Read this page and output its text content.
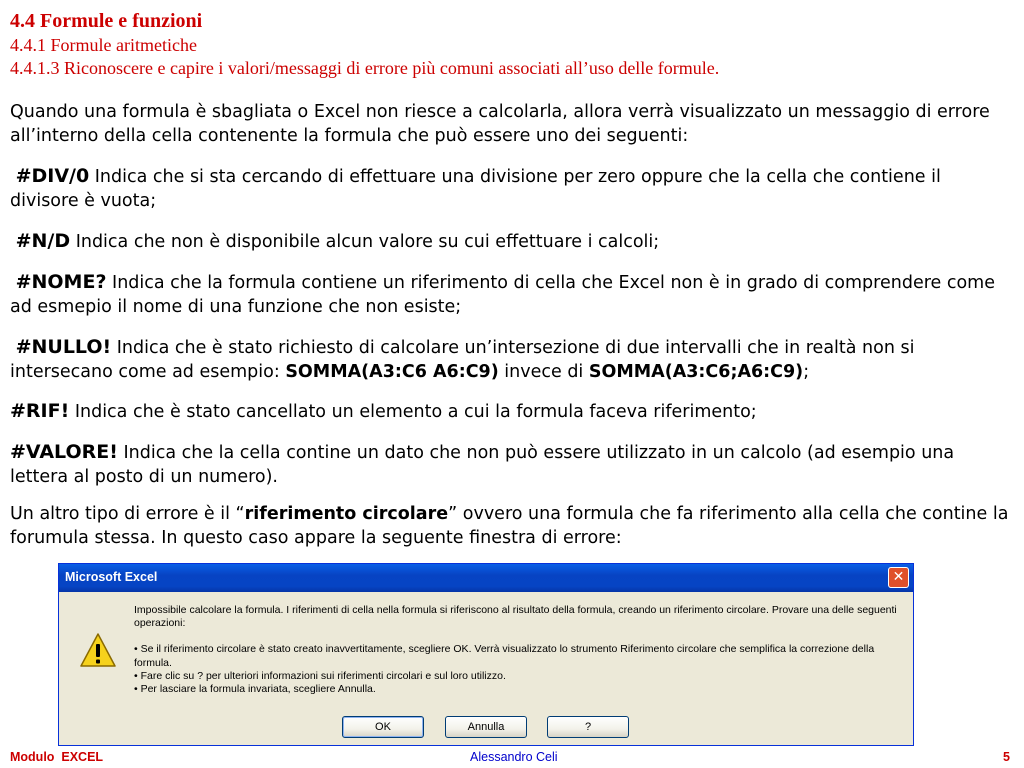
4.4 Formule e funzioni
4.4.1 Formule aritmetiche
4.4.1.3 Riconoscere e capire i valori/messaggi di errore più comuni associati all’uso delle formule.
Quando una formula è sbagliata o Excel non riesce a calcolarla, allora verrà visualizzato un messaggio di errore all’interno della cella contenente la formula che può essere uno dei seguenti:
#DIV/0 Indica che si sta cercando di effettuare una divisione per zero oppure che la cella che contiene il divisore è vuota;
#N/D Indica che non è disponibile alcun valore su cui effettuare i calcoli;
#NOME? Indica che la formula contiene un riferimento di cella che Excel non è in grado di comprendere come ad esmepio il nome di una funzione che non esiste;
#NULLO! Indica che è stato richiesto di calcolare un’intersezione di due intervalli che in realtà non si intersecano come ad esempio: SOMMA(A3:C6 A6:C9) invece di SOMMA(A3:C6;A6:C9);
#RIF! Indica che è stato cancellato un elemento a cui la formula faceva riferimento;
#VALORE! Indica che la cella contine un dato che non può essere utilizzato in un calcolo (ad esempio una lettera al posto di un numero).
Un altro tipo di errore è il “riferimento circolare” ovvero una formula che fa riferimento alla cella che contine la forumula stessa. In questo caso appare la seguente finestra di errore:
Microsoft Excel	✕

Impossibile calcolare la formula. I riferimenti di cella nella formula si riferiscono al risultato della formula, creando un riferimento circolare. Provare una delle seguenti operazioni:

• Se il riferimento circolare è stato creato inavvertitamente, scegliere OK. Verrà visualizzato lo strumento Riferimento circolare che semplifica la correzione della formula.

• Fare clic su ? per ulteriori informazioni sui riferimenti circolari e sul loro utilizzo.

• Per lasciare la formula invariata, scegliere Annulla.

OK	Annulla	?
Modulo  EXCEL	Alessandro Celi	5
